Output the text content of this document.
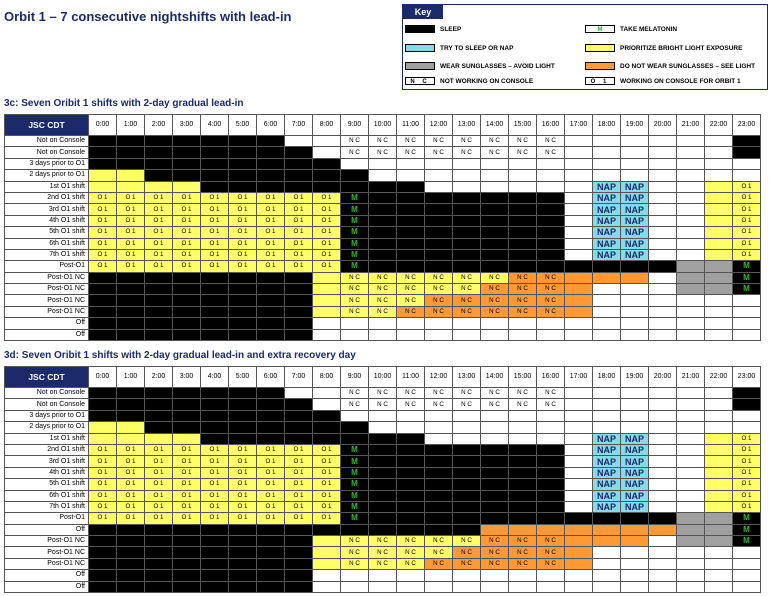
Orbit 1 – 7 consecutive nightshifts with lead-in	Key
SLEEP
TRY TO SLEEP OR NAP
WEAR SUNGLASSES – AVOID LIGHT
N C NOT WORKING ON CONSOLE
M	TAKE MELATONIN
PRIORITIZE BRIGHT LIGHT EXPOSURE
DO NOT WEAR SUNGLASSES – SEE LIGHT
O 1 WORKING ON CONSOLE FOR ORBIT 1
3c: Seven Oribit 1 shifts with 2-day gradual lead-in
JSC CDT	0:00	1:00	2:00	3:00	4:00	5:00	6:00	7:00	8:00	9:00	10:00	11:00	12:00	13:00	14:00	15:00	16:00	17:00	18:00	19:00	20:00	21:00	22:00	23:00
Not on Console										N C	N C	N C	N C	N C	N C	N C	N C							
Not on Console										N C	N C	N C	N C	N C	N C	N C	N C							
3 days prior to O1																								
2 days prior to O1																								
1st O1 shift																			NAP	NAP				O 1
2nd O1 shift	O 1	O 1	O 1	O 1	O 1	O 1	O 1	O 1	O 1	M									NAP	NAP				O 1
3rd O1 shift	O 1	O 1	O 1	O 1	O 1	O 1	O 1	O 1	O 1	M									NAP	NAP				O 1
4th O1 shift	O 1	O 1	O 1	O 1	O 1	O 1	O 1	O 1	O 1	M									NAP	NAP				O 1
5th O1 shift	O 1	O 1	O 1	O 1	O 1	O 1	O 1	O 1	O 1	M									NAP	NAP				O 1
6th O1 shift	O 1	O 1	O 1	O 1	O 1	O 1	O 1	O 1	O 1	M									NAP	NAP				O 1
7th O1 shift	O 1	O 1	O 1	O 1	O 1	O 1	O 1	O 1	O 1	M									NAP	NAP				O 1
Post-O1	O 1	O 1	O 1	O 1	O 1	O 1	O 1	O 1	O 1	M														M
Post-O1 NC										N C	N C	N C	N C	N C	N C	N C	N C							M
Post-O1 NC										N C	N C	N C	N C	N C	N C	N C	N C							M
Post-O1 NC										N C	N C	N C	N C	N C	N C	N C	N C							
Post-O1 NC										N C	N C	N C	N C	N C	N C	N C	N C							
Off																								
Off																								
3d: Seven Oribit 1 shifts with 2-day gradual lead-in and extra recovery day
JSC CDT	0:00	1:00	2:00	3:00	4:00	5:00	6:00	7:00	8:00	9:00	10:00	11:00	12:00	13:00	14:00	15:00	16:00	17:00	18:00	19:00	20:00	21:00	22:00	23:00
Not on Console										N C	N C	N C	N C	N C	N C	N C	N C							
Not on Console										N C	N C	N C	N C	N C	N C	N C	N C							
3 days prior to O1																								
2 days prior to O1																								
1st O1 shift																			NAP	NAP				O 1
2nd O1 shift	O 1	O 1	O 1	O 1	O 1	O 1	O 1	O 1	O 1	M									NAP	NAP				O 1
3rd O1 shift	O 1	O 1	O 1	O 1	O 1	O 1	O 1	O 1	O 1	M									NAP	NAP				O 1
4th O1 shift	O 1	O 1	O 1	O 1	O 1	O 1	O 1	O 1	O 1	M									NAP	NAP				O 1
5th O1 shift	O 1	O 1	O 1	O 1	O 1	O 1	O 1	O 1	O 1	M									NAP	NAP				O 1
6th O1 shift	O 1	O 1	O 1	O 1	O 1	O 1	O 1	O 1	O 1	M									NAP	NAP				O 1
7th O1 shift	O 1	O 1	O 1	O 1	O 1	O 1	O 1	O 1	O 1	M									NAP	NAP				O 1
Post-O1	O 1	O 1	O 1	O 1	O 1	O 1	O 1	O 1	O 1	M														M
Off																								M
Post-O1 NC										N C	N C	N C	N C	N C	N C	N C	N C							M
Post-O1 NC										N C	N C	N C	N C	N C	N C	N C	N C							
Post-O1 NC										N C	N C	N C	N C	N C	N C	N C	N C							
Off																								
Off																								
